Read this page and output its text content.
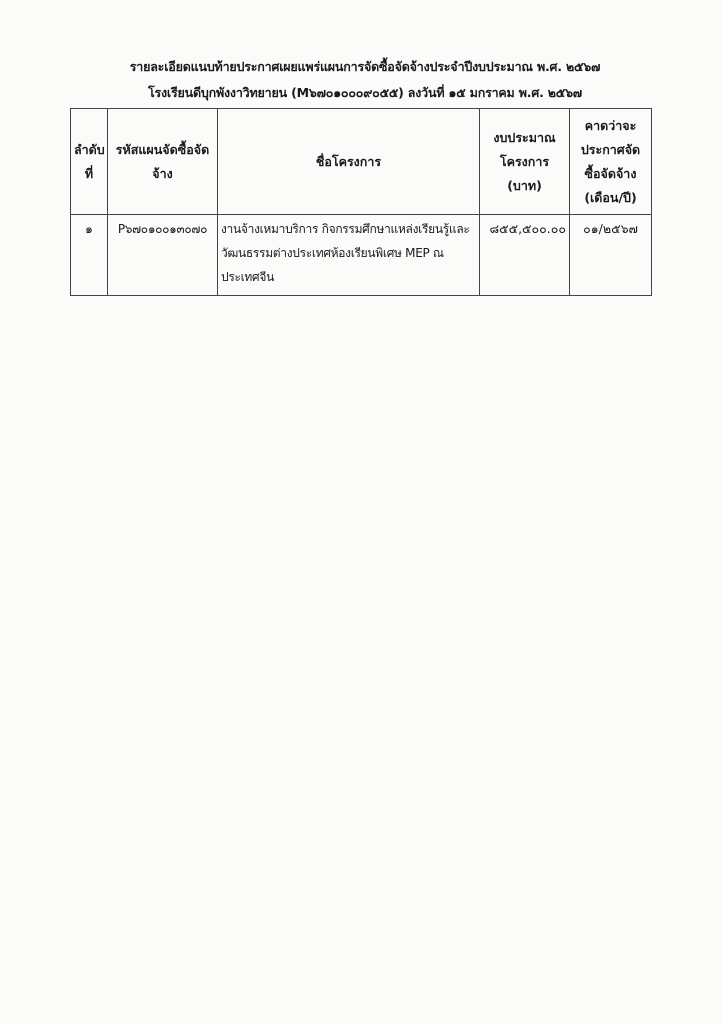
รายละเอียดแนบท้ายประกาศเผยแพร่แผนการจัดซื้อจัดจ้างประจำปีงบประมาณ พ.ศ. ๒๕๖๗
โรงเรียนดีบุกพังงาวิทยายน (M๖๗๐๑๐๐๐๙๐๕๕) ลงวันที่ ๑๕ มกราคม พ.ศ. ๒๕๖๗
ลำดับที่	รหัสแผนจัดซื้อจัดจ้าง	ชื่อโครงการ	งบประมาณโครงการ (บาท)	คาดว่าจะประกาศจัดซื้อจัดจ้าง (เดือน/ปี)
๑	P๖๗๐๑๐๐๑๓๐๗๐	งานจ้างเหมาบริการ กิจกรรมศึกษาแหล่งเรียนรู้และวัฒนธรรมต่างประเทศห้องเรียนพิเศษ MEP ณ ประเทศจีน	๘๕๕,๕๐๐.๐๐	๐๑/๒๕๖๗
